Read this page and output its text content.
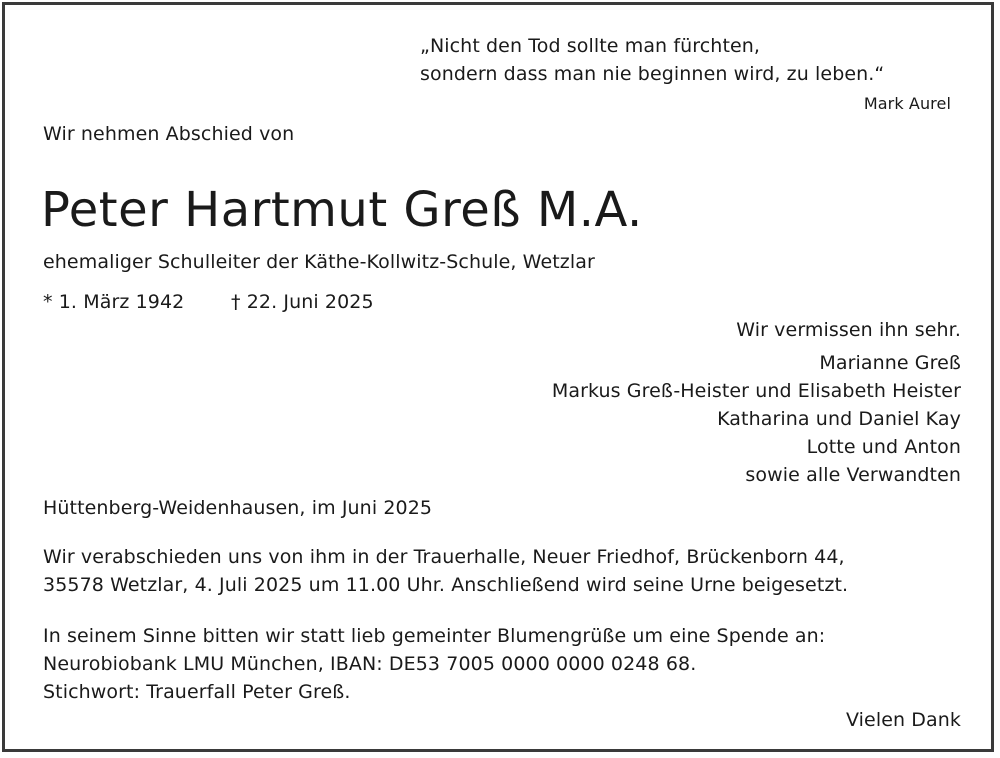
„Nicht den Tod sollte man fürchten,
sondern dass man nie beginnen wird, zu leben.“
Mark Aurel
Wir nehmen Abschied von
Peter Hartmut Greß M.A.
ehemaliger Schulleiter der Käthe-Kollwitz-Schule, Wetzlar
* 1. März 1942 † 22. Juni 2025
Wir vermissen ihn sehr.
Marianne Greß
Markus Greß-Heister und Elisabeth Heister
Katharina und Daniel Kay
Lotte und Anton
sowie alle Verwandten
Hüttenberg-Weidenhausen, im Juni 2025
Wir verabschieden uns von ihm in der Trauerhalle, Neuer Friedhof, Brückenborn 44,
35578 Wetzlar, 4. Juli 2025 um 11.00 Uhr. Anschließend wird seine Urne beigesetzt.
In seinem Sinne bitten wir statt lieb gemeinter Blumengrüße um eine Spende an:
Neurobiobank LMU München, IBAN: DE53 7005 0000 0000 0248 68.
Stichwort: Trauerfall Peter Greß.
Vielen Dank
